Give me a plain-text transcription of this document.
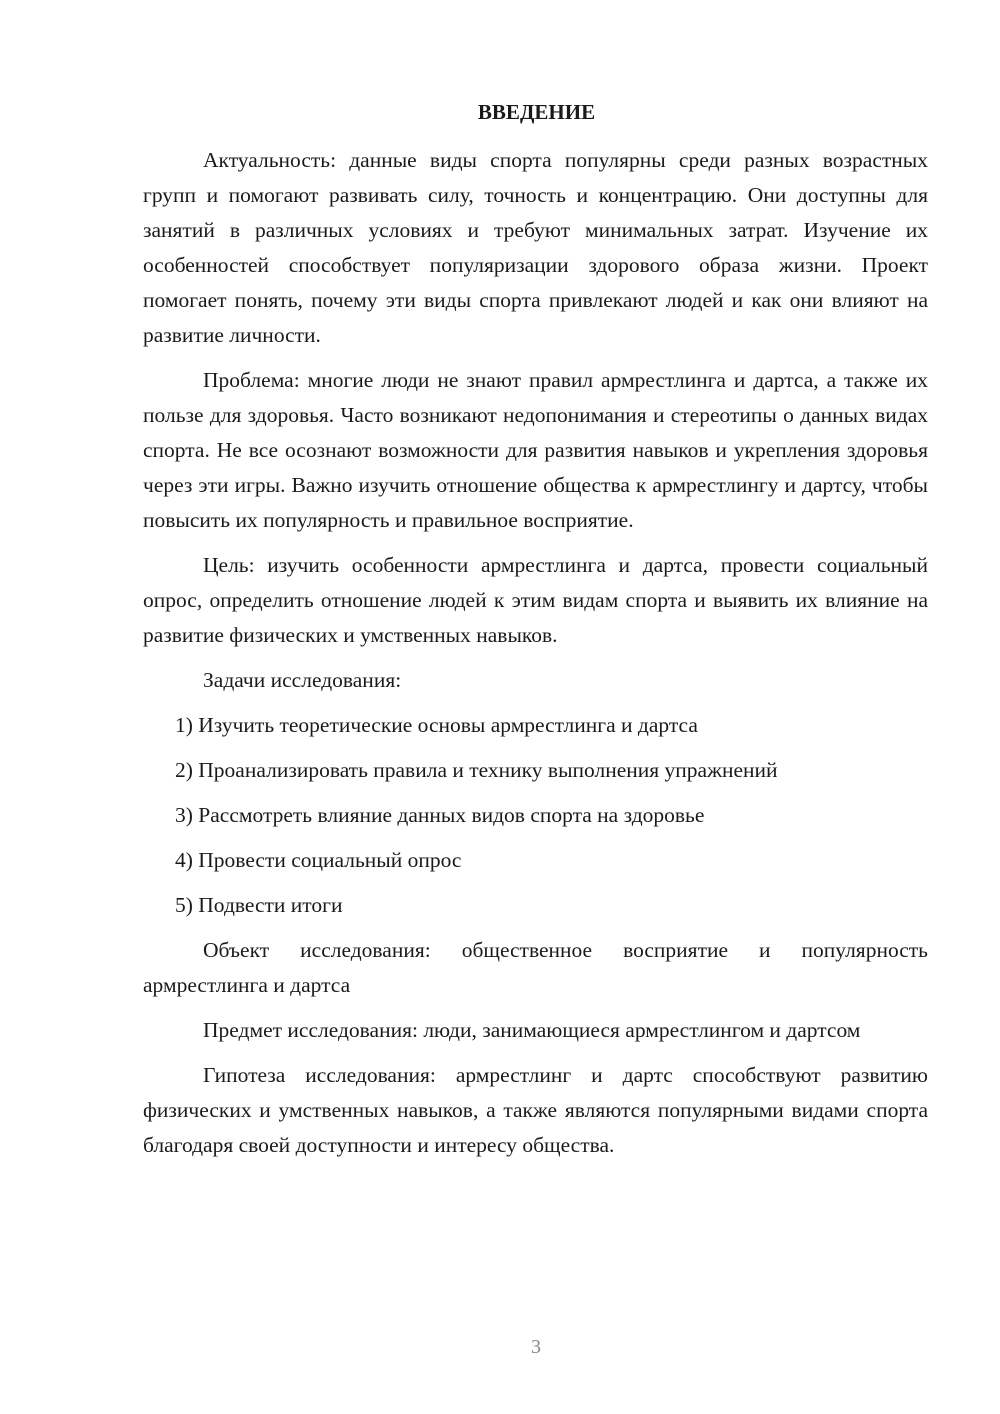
ВВЕДЕНИЕ

Актуальность: данные виды спорта популярны среди разных возрастных групп и помогают развивать силу, точность и концентрацию. Они доступны для занятий в различных условиях и требуют минимальных затрат. Изучение их особенностей способствует популяризации здорового образа жизни. Проект помогает понять, почему эти виды спорта привлекают людей и как они влияют на развитие личности.

Проблема: многие люди не знают правил армрестлинга и дартса, а также их пользе для здоровья. Часто возникают недопонимания и стереотипы о данных видах спорта. Не все осознают возможности для развития навыков и укрепления здоровья через эти игры. Важно изучить отношение общества к армрестлингу и дартсу, чтобы повысить их популярность и правильное восприятие.

Цель: изучить особенности армрестлинга и дартса, провести социальный опрос, определить отношение людей к этим видам спорта и выявить их влияние на развитие физических и умственных навыков.

Задачи исследования:

1) Изучить теоретические основы армрестлинга и дартса
2) Проанализировать правила и технику выполнения упражнений
3) Рассмотреть влияние данных видов спорта на здоровье
4) Провести социальный опрос
5) Подвести итоги

Объект исследования: общественное восприятие и популярность армрестлинга и дартса

Предмет исследования: люди, занимающиеся армрестлингом и дартсом

Гипотеза исследования: армрестлинг и дартс способствуют развитию физических и умственных навыков, а также являются популярными видами спорта благодаря своей доступности и интересу общества.

3
